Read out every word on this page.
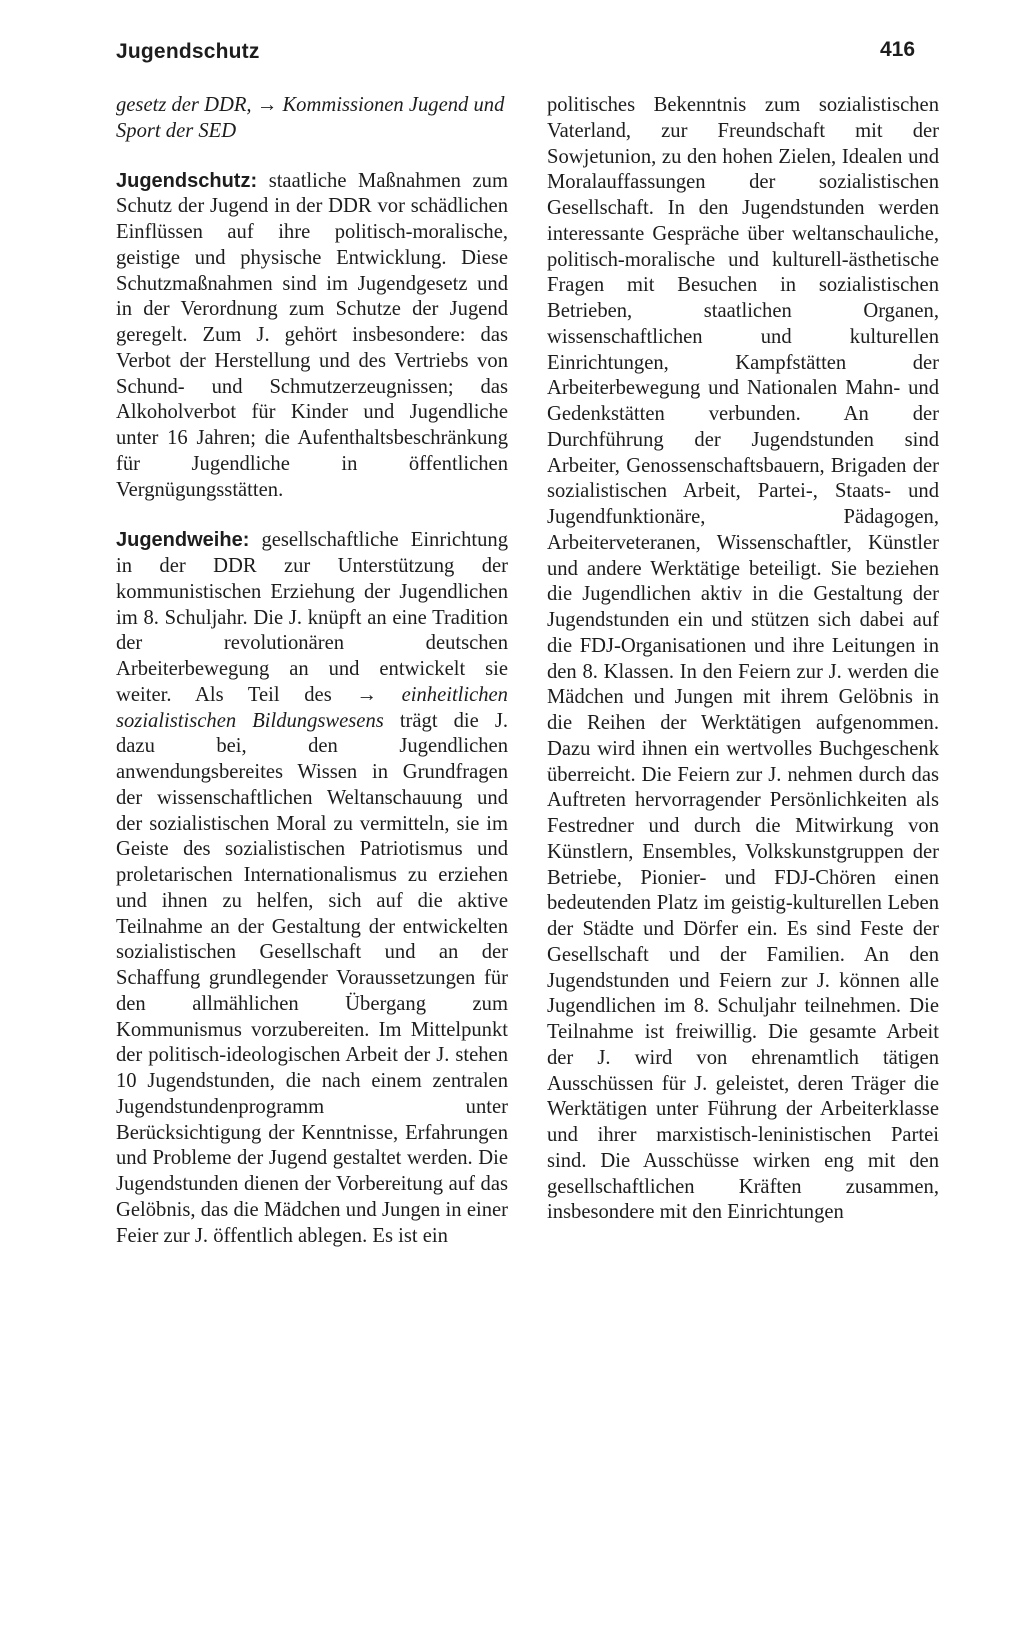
Jugendschutz	416

gesetz der DDR, → Kommissionen Jugend und Sport der SED

Jugendschutz: staatliche Maßnahmen zum Schutz der Jugend in der DDR vor schädlichen Einflüssen auf ihre politisch-moralische, geistige und physische Entwicklung. Diese Schutzmaßnahmen sind im Jugendgesetz und in der Verordnung zum Schutze der Jugend geregelt. Zum J. gehört insbesondere: das Verbot der Herstellung und des Vertriebs von Schund- und Schmutzerzeugnissen; das Alkoholverbot für Kinder und Jugendliche unter 16 Jahren; die Aufenthaltsbeschränkung für Jugendliche in öffentlichen Vergnügungsstätten.

Jugendweihe: gesellschaftliche Einrichtung in der DDR zur Unterstützung der kommunistischen Erziehung der Jugendlichen im 8. Schuljahr. Die J. knüpft an eine Tradition der revolutionären deutschen Arbeiterbewegung an und entwickelt sie weiter. Als Teil des → einheitlichen sozialistischen Bildungswesens trägt die J. dazu bei, den Jugendlichen anwendungsbereites Wissen in Grundfragen der wissenschaftlichen Weltanschauung und der sozialistischen Moral zu vermitteln, sie im Geiste des sozialistischen Patriotismus und proletarischen Internationalismus zu erziehen und ihnen zu helfen, sich auf die aktive Teilnahme an der Gestaltung der entwickelten sozialistischen Gesellschaft und an der Schaffung grundlegender Voraussetzungen für den allmählichen Übergang zum Kommunismus vorzubereiten. Im Mittelpunkt der politisch-ideologischen Arbeit der J. stehen 10 Jugendstunden, die nach einem zentralen Jugendstundenprogramm unter Berücksichtigung der Kenntnisse, Erfahrungen und Probleme der Jugend gestaltet werden. Die Jugendstunden dienen der Vorbereitung auf das Gelöbnis, das die Mädchen und Jungen in einer Feier zur J. öffentlich ablegen. Es ist ein

politisches Bekenntnis zum sozialistischen Vaterland, zur Freundschaft mit der Sowjetunion, zu den hohen Zielen, Idealen und Moralauffassungen der sozialistischen Gesellschaft. In den Jugendstunden werden interessante Gespräche über weltanschauliche, politisch-moralische und kulturell-ästhetische Fragen mit Besuchen in sozialistischen Betrieben, staatlichen Organen, wissenschaftlichen und kulturellen Einrichtungen, Kampfstätten der Arbeiterbewegung und Nationalen Mahn- und Gedenkstätten verbunden. An der Durchführung der Jugendstunden sind Arbeiter, Genossenschaftsbauern, Brigaden der sozialistischen Arbeit, Partei-, Staats- und Jugendfunktionäre, Pädagogen, Arbeiterveteranen, Wissenschaftler, Künstler und andere Werktätige beteiligt. Sie beziehen die Jugendlichen aktiv in die Gestaltung der Jugendstunden ein und stützen sich dabei auf die FDJ-Organisationen und ihre Leitungen in den 8. Klassen. In den Feiern zur J. werden die Mädchen und Jungen mit ihrem Gelöbnis in die Reihen der Werktätigen aufgenommen. Dazu wird ihnen ein wertvolles Buchgeschenk überreicht. Die Feiern zur J. nehmen durch das Auftreten hervorragender Persönlichkeiten als Festredner und durch die Mitwirkung von Künstlern, Ensembles, Volkskunstgruppen der Betriebe, Pionier- und FDJ-Chören einen bedeutenden Platz im geistig-kulturellen Leben der Städte und Dörfer ein. Es sind Feste der Gesellschaft und der Familien. An den Jugendstunden und Feiern zur J. können alle Jugendlichen im 8. Schuljahr teilnehmen. Die Teilnahme ist freiwillig. Die gesamte Arbeit der J. wird von ehrenamtlich tätigen Ausschüssen für J. geleistet, deren Träger die Werktätigen unter Führung der Arbeiterklasse und ihrer marxistisch-leninistischen Partei sind. Die Ausschüsse wirken eng mit den gesellschaftlichen Kräften zusammen, insbesondere mit den Einrichtungen
